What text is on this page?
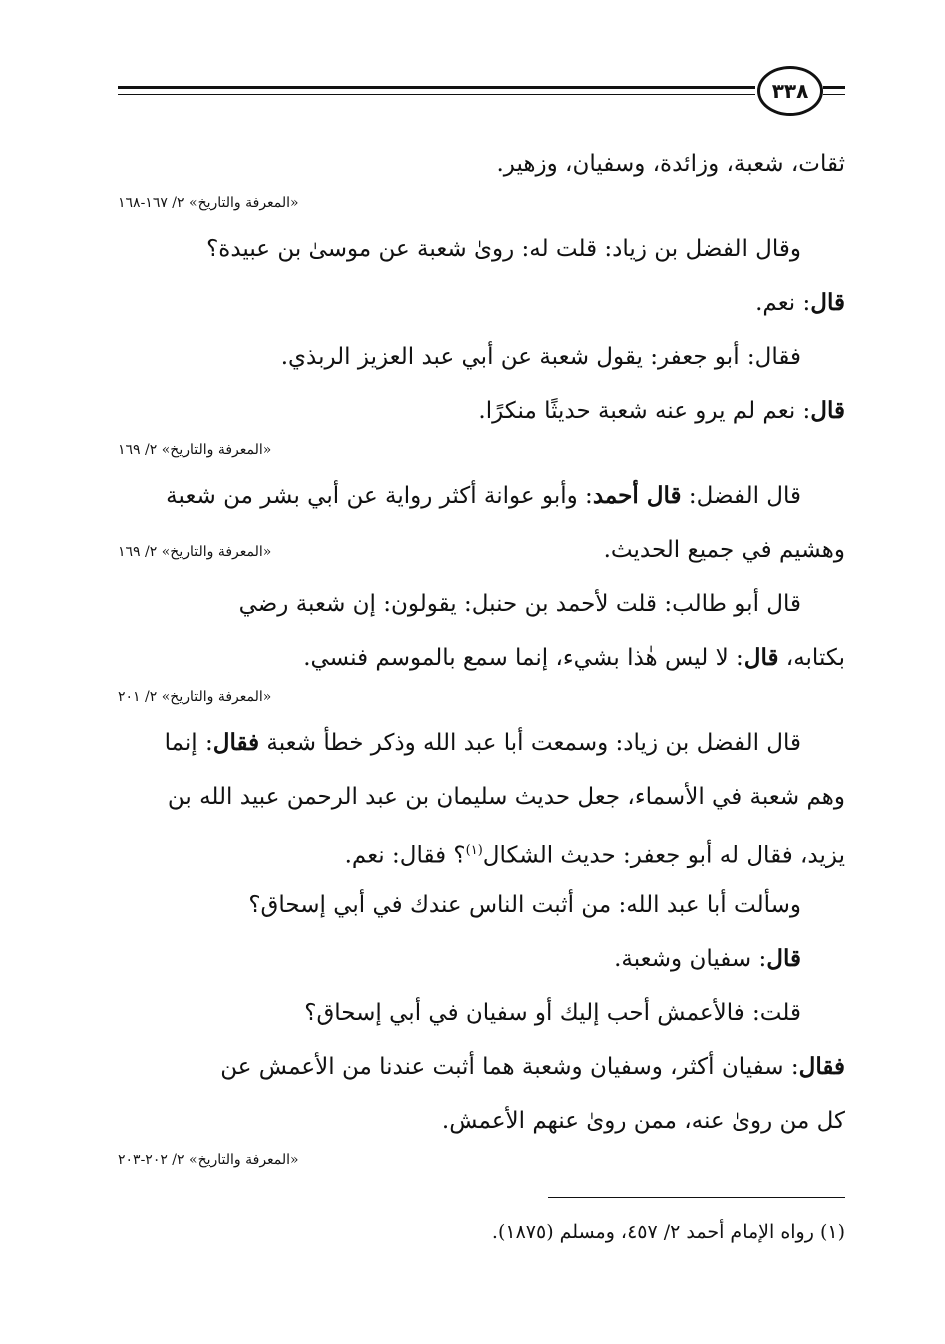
٣٣٨
ثقات، شعبة، وزائدة، وسفيان، وزهير.
«المعرفة والتاريخ» ٢/ ١٦٧-١٦٨
وقال الفضل بن زياد: قلت له: رویٰ شعبة عن موسیٰ بن عبيدة؟
قال: نعم.
فقال: أبو جعفر: يقول شعبة عن أبي عبد العزيز الربذي.
قال: نعم لم يرو عنه شعبة حديثًا منكرًا.
«المعرفة والتاريخ» ٢/ ١٦٩
قال الفضل: قال أحمد: وأبو عوانة أكثر رواية عن أبي بشر من شعبة
وهشيم في جميع الحديث.
«المعرفة والتاريخ» ٢/ ١٦٩
قال أبو طالب: قلت لأحمد بن حنبل: يقولون: إن شعبة رضي
بكتابه، قال: لا ليس هٰذا بشيء، إنما سمع بالموسم فنسي.
«المعرفة والتاريخ» ٢/ ٢٠١
قال الفضل بن زياد: وسمعت أبا عبد الله وذكر خطأ شعبة فقال: إنما
وهم شعبة في الأسماء، جعل حديث سليمان بن عبد الرحمن عبيد الله بن
يزيد، فقال له أبو جعفر: حديث الشكال$^{(١)}$؟ فقال: نعم.
وسألت أبا عبد الله: من أثبت الناس عندك في أبي إسحاق؟
قال: سفيان وشعبة.
قلت: فالأعمش أحب إليك أو سفيان في أبي إسحاق؟
فقال: سفيان أكثر، وسفيان وشعبة هما أثبت عندنا من الأعمش عن
كل من رویٰ عنه، ممن رویٰ عنهم الأعمش.
«المعرفة والتاريخ» ٢/ ٢٠٢-٢٠٣
(١) رواه الإمام أحمد ٢/ ٤٥٧، ومسلم (١٨٧٥).
